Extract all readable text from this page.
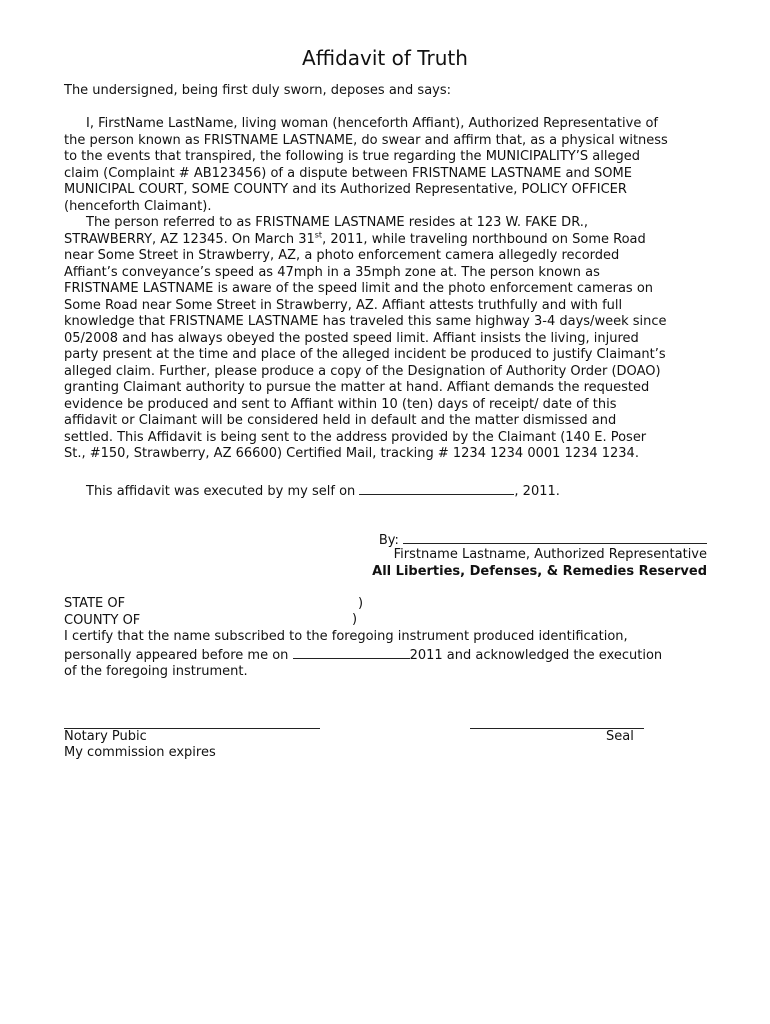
Affidavit of Truth
The undersigned, being first duly sworn, deposes and says:
I, FirstName LastName, living woman (henceforth Affiant), Authorized Representative of
the person known as FRISTNAME LASTNAME, do swear and affirm that, as a physical witness
to the events that transpired, the following is true regarding the MUNICIPALITY’S alleged
claim (Complaint # AB123456) of a dispute between FRISTNAME LASTNAME and SOME
MUNICIPAL COURT, SOME COUNTY and its Authorized Representative, POLICY OFFICER
(henceforth Claimant).
The person referred to as FRISTNAME LASTNAME resides at 123 W. FAKE DR.,
STRAWBERRY, AZ 12345. On March 31st, 2011, while traveling northbound on Some Road
near Some Street in Strawberry, AZ, a photo enforcement camera allegedly recorded
Affiant’s conveyance’s speed as 47mph in a 35mph zone at. The person known as
FRISTNAME LASTNAME is aware of the speed limit and the photo enforcement cameras on
Some Road near Some Street in Strawberry, AZ. Affiant attests truthfully and with full
knowledge that FRISTNAME LASTNAME has traveled this same highway 3-4 days/week since
05/2008 and has always obeyed the posted speed limit. Affiant insists the living, injured
party present at the time and place of the alleged incident be produced to justify Claimant’s
alleged claim. Further, please produce a copy of the Designation of Authority Order (DOAO)
granting Claimant authority to pursue the matter at hand. Affiant demands the requested
evidence be produced and sent to Affiant within 10 (ten) days of receipt/ date of this
affidavit or Claimant will be considered held in default and the matter dismissed and
settled. This Affidavit is being sent to the address provided by the Claimant (140 E. Poser
St., #150, Strawberry, AZ 66600) Certified Mail, tracking # 1234 1234 0001 1234 1234.
This affidavit was executed by my self on	, 2011.
By:
Firstname Lastname, Authorized Representative
All Liberties, Defenses, & Remedies Reserved
STATE OF
COUNTY OF
I certify that the name subscribed to the foregoing instrument produced identification,
personally appeared before me on	2011 and acknowledged the execution
of the foregoing instrument.
)
)
Notary Pubic
My commission expires
Seal
